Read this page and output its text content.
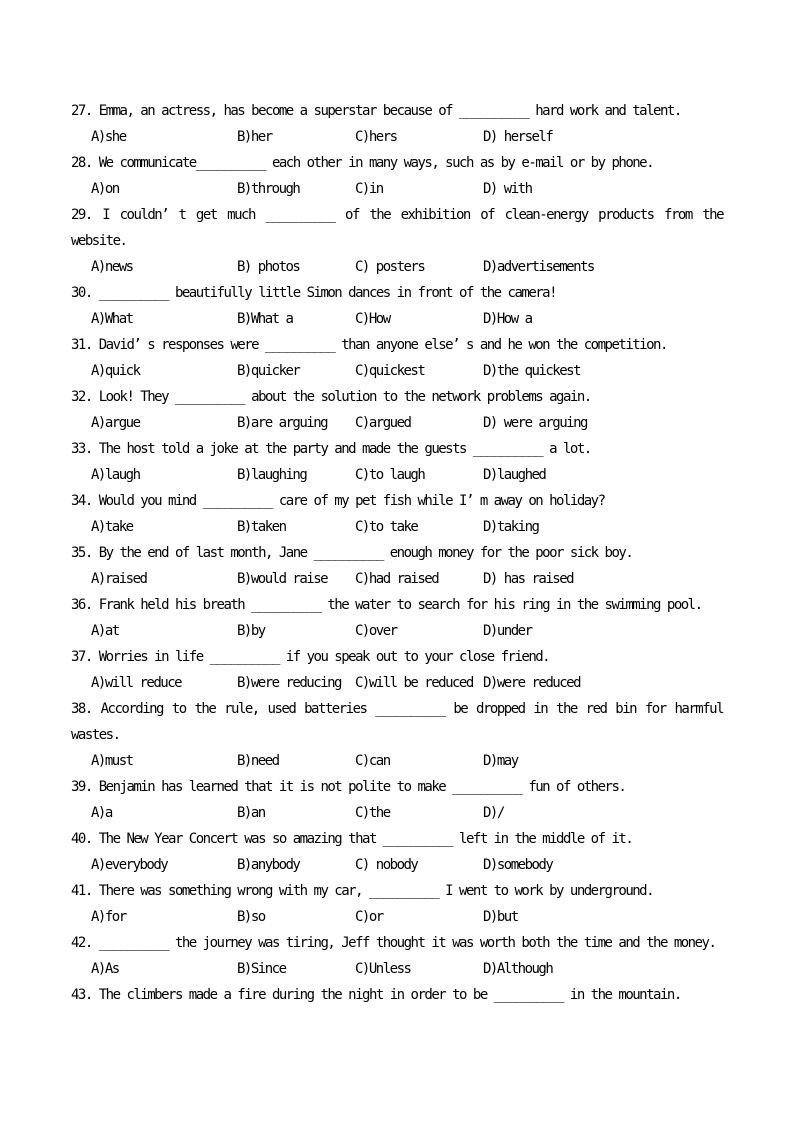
27. Emma, an actress, has become a superstar because of __________ hard work and talent.

A)she	B)her	C)hers	D) herself

28. We communicate__________ each other in many ways, such as by e-mail or by phone.

A)on	B)through	C)in	D) with

29. I couldn’ t get much __________ of the exhibition of clean-energy products from the website.

A)news	B) photos	C) posters	D)advertisements

30. __________ beautifully little Simon dances in front of the camera!

A)What	B)What a	C)How	D)How a

31. David’ s responses were __________ than anyone else’ s and he won the competition.

A)quick	B)quicker	C)quickest	D)the quickest

32. Look! They __________ about the solution to the network problems again.

A)argue	B)are arguing C)argued	D) were arguing

33. The host told a joke at the party and made the guests __________ a lot.

A)laugh	B)laughing	C)to laugh	D)laughed

34. Would you mind __________ care of my pet fish while I’ m away on holiday?

A)take	B)taken	C)to take	D)taking

35. By the end of last month, Jane __________ enough money for the poor sick boy.

A)raised	B)would raise C)had raised	D) has raised

36. Frank held his breath __________ the water to search for his ring in the swimming pool.

A)at	B)by	C)over	D)under

37. Worries in life __________ if you speak out to your close friend.

A)will reduce	B)were reducing C)will be reduced D)were reduced

38. According to the rule, used batteries __________ be dropped in the red bin for harmful wastes.

A)must	B)need	C)can	D)may

39. Benjamin has learned that it is not polite to make __________ fun of others.

A)a	B)an	C)the	D)/

40. The New Year Concert was so amazing that __________ left in the middle of it.

A)everybody	B)anybody	C) nobody	D)somebody

41. There was something wrong with my car, __________ I went to work by underground.

A)for	B)so	C)or	D)but

42. __________ the journey was tiring, Jeff thought it was worth both the time and the money.

A)As	B)Since	C)Unless	D)Although

43. The climbers made a fire during the night in order to be __________ in the mountain.
